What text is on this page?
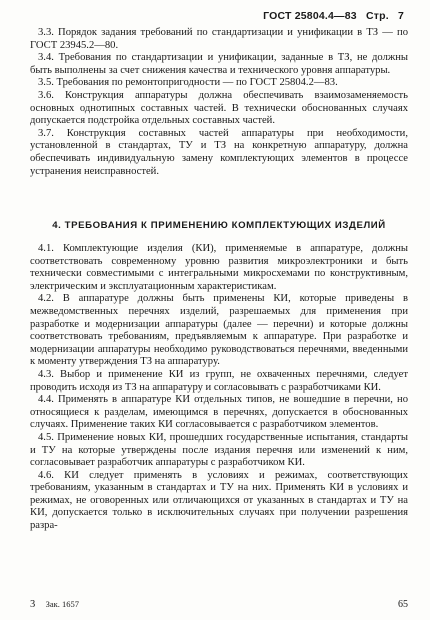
ГОСТ 25804.4—83 Стр. 7

3.3. Порядок задания требований по стандартизации и унификации в ТЗ — по ГОСТ 23945.2—80.

3.4. Требования по стандартизации и унификации, заданные в ТЗ, не должны быть выполнены за счет снижения качества и технического уровня аппаратуры.

3.5. Требования по ремонтопригодности — по ГОСТ 25804.2—83.

3.6. Конструкция аппаратуры должна обеспечивать взаимозаменяемость основных однотипных составных частей. В технически обоснованных случаях допускается подстройка отдельных составных частей.

3.7. Конструкция составных частей аппаратуры при необходимости, установленной в стандартах, ТУ и ТЗ на конкретную аппаратуру, должна обеспечивать индивидуальную замену комплектующих элементов в процессе устранения неисправностей.

4. ТРЕБОВАНИЯ К ПРИМЕНЕНИЮ КОМПЛЕКТУЮЩИХ ИЗДЕЛИЙ

4.1. Комплектующие изделия (КИ), применяемые в аппаратуре, должны соответствовать современному уровню развития микроэлектроники и быть технически совместимыми с интегральными микросхемами по конструктивным, электрическим и эксплуатационным характеристикам.

4.2. В аппаратуре должны быть применены КИ, которые приведены в межведомственных перечнях изделий, разрешаемых для применения при разработке и модернизации аппаратуры (далее — перечни) и которые должны соответствовать требованиям, предъявляемым к аппаратуре. При разработке и модернизации аппаратуры необходимо руководствоваться перечнями, введенными к моменту утверждения ТЗ на аппаратуру.

4.3. Выбор и применение КИ из групп, не охваченных перечнями, следует проводить исходя из ТЗ на аппаратуру и согласовывать с разработчиками КИ.

4.4. Применять в аппаратуре КИ отдельных типов, не вошедшие в перечни, но относящиеся к разделам, имеющимся в перечнях, допускается в обоснованных случаях. Применение таких КИ согласовывается с разработчиком элементов.

4.5. Применение новых КИ, прошедших государственные испытания, стандарты и ТУ на которые утверждены после издания перечня или изменений к ним, согласовывает разработчик аппаратуры с разработчиком КИ.

4.6. КИ следует применять в условиях и режимах, соответствующих требованиям, указанным в стандартах и ТУ на них. Применять КИ в условиях и режимах, не оговоренных или отличающихся от указанных в стандартах и ТУ на КИ, допускается только в исключительных случаях при получении разрешения разра-

3 Зак. 1657	65
